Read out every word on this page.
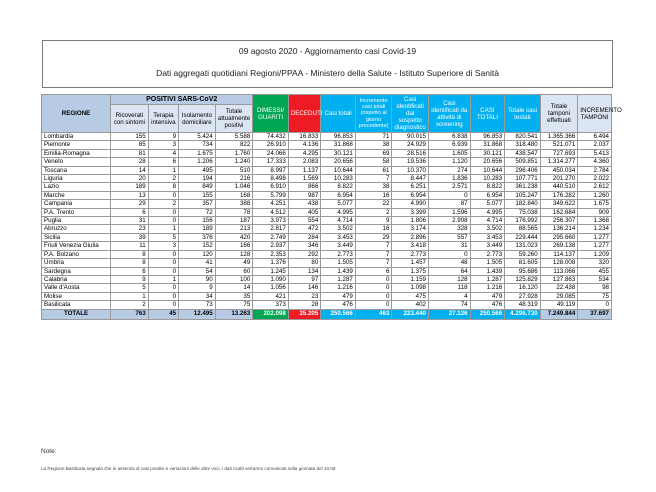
09 agosto 2020 - Aggiornamento casi Covid-19
Dati aggregati quotidiani Regioni/PPAA - Ministero della Salute - Istituto Superiore di Sanità
REGIONE	POSITIVI SARS-CoV2				DIMESSI/ GUARITI	DECEDUTI	Casi totali	Incremento casi totali (rispetto al giorno precedente)	Casi identificati dal sospetto diagnostico	Casi identificati da attività di screening	CASI TOTALI	Totale casi testati	Totale tamponi effettuati	INCREMENTO TAMPONI
	Ricoverati con sintomi	Terapia intensiva	Isolamento domiciliare	Totale attualmente positivi										
Lombardia	155	9	5.424	5.588	74.432	16.833	96.853	71	90.015	6.838	96.853	820.541	1.365.366	6.494
Piemonte	85	3	734	822	26.910	4.136	31.868	38	24.929	6.939	31.868	318.480	521.071	2.037
Emilia-Romagna	81	4	1.675	1.760	24.066	4.295	30.121	69	28.516	1.605	30.121	438.547	727.693	5.413
Veneto	28	6	1.206	1.240	17.333	2.083	20.656	58	19.536	1.120	20.656	509.851	1.314.277	4.360
Toscana	14	1	495	510	8.997	1.137	10.644	61	10.370	274	10.644	296.406	450.034	2.784
Liguria	20	2	194	216	8.498	1.569	10.283	7	8.447	1.836	10.283	107.771	201.270	2.022
Lazio	189	8	849	1.046	6.910	866	8.822	38	6.251	2.571	8.822	361.238	440.510	2.612
Marche	13	0	155	168	5.799	987	6.954	16	6.954	0	6.954	105.247	176.282	1.260
Campania	29	2	357	388	4.251	438	5.077	22	4.990	87	5.077	182.840	349.622	1.675
P.A. Trento	6	0	72	78	4.512	405	4.995	2	3.399	1.596	4.995	75.038	162.684	909
Puglia	31	0	156	187	3.973	554	4.714	9	1.806	2.908	4.714	176.992	256.307	1.368
Abruzzo	23	1	189	213	2.817	472	3.502	16	3.174	328	3.502	88.565	136.214	1.234
Sicilia	39	5	376	420	2.749	284	3.453	29	2.896	557	3.453	229.444	295.660	1.277
Friuli Venezia Giulia	11	3	152	166	2.937	346	3.449	7	3.418	31	3.449	131.023	269.138	1.277
P.A. Bolzano	8	0	120	128	2.353	292	2.773	7	2.773	0	2.773	59.260	114.137	1.209
Umbria	8	0	41	49	1.376	80	1.505	7	1.457	48	1.505	81.605	128.008	320
Sardegna	6	0	54	60	1.245	134	1.439	6	1.375	64	1.439	95.686	113.066	455
Calabria	9	1	90	100	1.090	97	1.287	0	1.159	128	1.287	125.829	127.863	534
Valle d'Aosta	5	0	9	14	1.056	146	1.216	0	1.098	118	1.216	16.120	22.438	98
Molise	1	0	34	35	421	23	479	0	475	4	479	27.928	29.085	75
Basilicata	2	0	73	75	373	28	476	0	402	74	476	48.319	49.119	0
TOTALE	763	45	12.495	13.263	202.098	35.205	250.566	463	223.440	27.126	250.566	4.296.730	7.249.844	37.697
Note:
La Regione Basilicata segnala che in assenza di casi positivi e variazioni delle altre voci, i dati ricalti verranno comunicati nella giornata del 10.08.
